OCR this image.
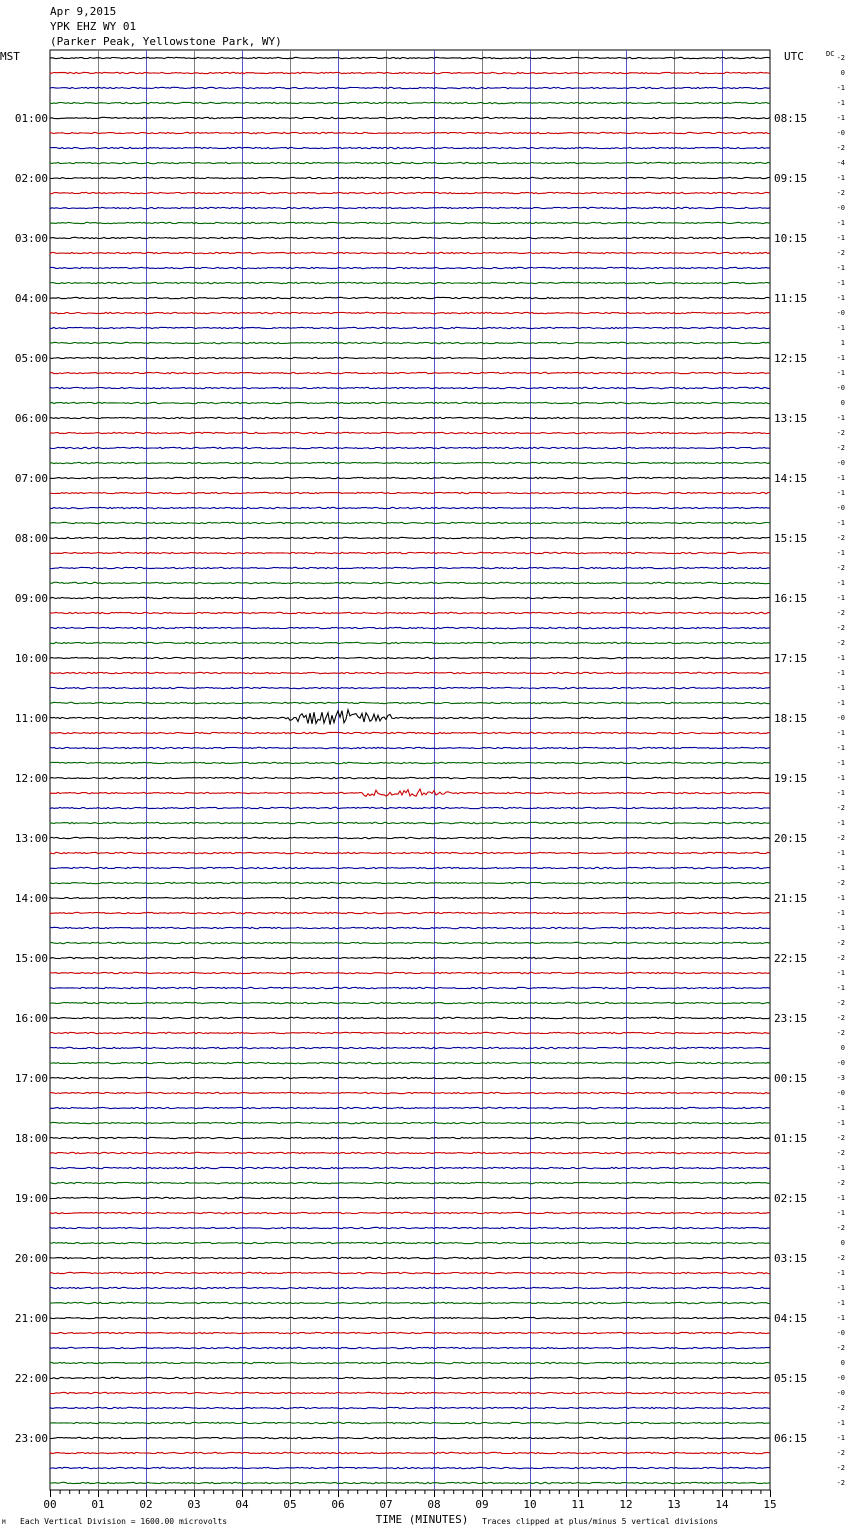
Apr 9,2015
YPK EHZ WY 01
(Parker Peak, Yellowstone Park, WY)
MST	UTC	DC
01:00
02:00
03:00
04:00
05:00
06:00
07:00
08:00
09:00
10:00
11:00
12:00
13:00
14:00
15:00
16:00
17:00
18:00
19:00
20:00
21:00
22:00
23:00
08:15
09:15
10:15
11:15
12:15
13:15
14:15
15:15
16:15
17:15
18:15
19:15
20:15
21:15
22:15
23:15
00:15
01:15
02:15
03:15
04:15
05:15
06:15
-2
0
-1
-1
-1
-0
-2
-4
-1
-2
-0
-1
-1
-2
-1
-1
-1
-0
-1
1
-1
-1
-0
0
-1
-2
-2
-0
-1
-1
-0
-1
-2
-1
-2
-1
-1
-2
-2
-2
-1
-1
-1
-1
-0
-1
-1
-1
-1
-1
-2
-1
-2
-1
-1
-2
-1
-1
-1
-2
-2
-1
-1
-2
-2
-2
0
-0
-3
-0
-1
-1
-2
-2
-1
-2
-1
-1
-2
0
-2
-1
-1
-1
-1
-0
-2
0
-0
-0
-2
-1
-1
-2
-2
-2
00	01	02	03	04	05	06	07	08	09	10	11	12	13	14	15
M Each Vertical Division = 1600.00 microvolts	TIME (MINUTES) Traces clipped at plus/minus 5 vertical divisions
